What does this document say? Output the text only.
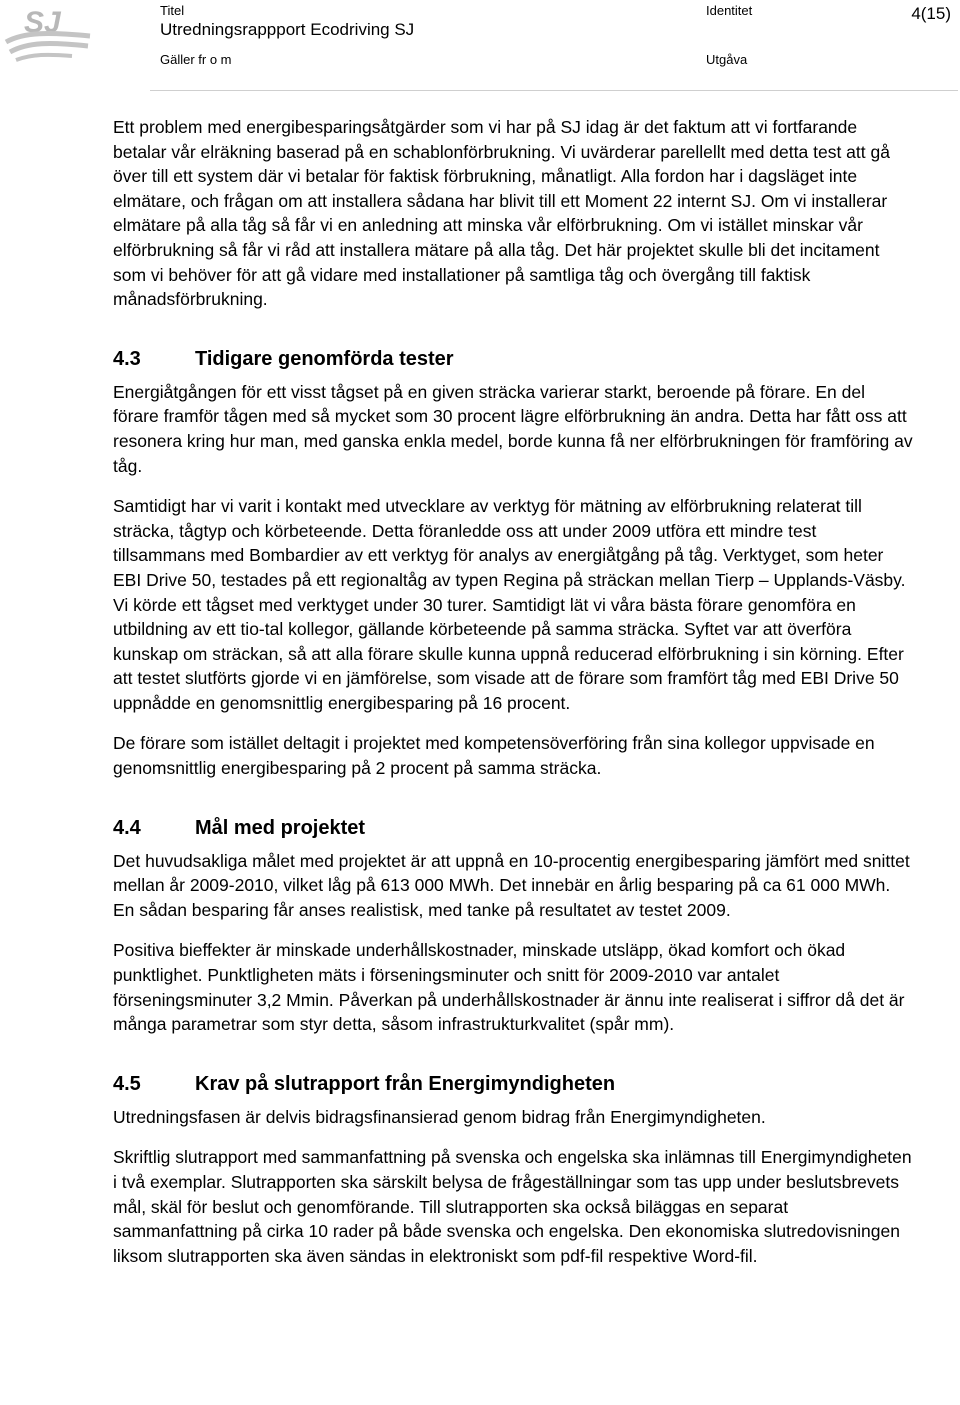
SJ	Titel
Utredningsrappport Ecodriving SJ
Gäller fr o m
Identitet
Utgåva
4(15)

Ett problem med energibesparingsåtgärder som vi har på SJ idag är det faktum att vi fortfarande betalar vår elräkning baserad på en schablonförbrukning. Vi uvärderar parellellt med detta test att gå över till ett system där vi betalar för faktisk förbrukning, månatligt. Alla fordon har i dagsläget inte elmätare, och frågan om att installera sådana har blivit till ett Moment 22 internt SJ. Om vi installerar elmätare på alla tåg så får vi en anledning att minska vår elförbrukning. Om vi istället minskar vår elförbrukning så får vi råd att installera mätare på alla tåg. Det här projektet skulle bli det incitament som vi behöver för att gå vidare med installationer på samtliga tåg och övergång till faktisk månadsförbrukning.

4.3	Tidigare genomförda tester

Energiåtgången för ett visst tågset på en given sträcka varierar starkt, beroende på förare. En del förare framför tågen med så mycket som 30 procent lägre elförbrukning än andra. Detta har fått oss att resonera kring hur man, med ganska enkla medel, borde kunna få ner elförbrukningen för framföring av tåg.

Samtidigt har vi varit i kontakt med utvecklare av verktyg för mätning av elförbrukning relaterat till sträcka, tågtyp och körbeteende. Detta föranledde oss att under 2009 utföra ett mindre test tillsammans med Bombardier av ett verktyg för analys av energiåtgång på tåg. Verktyget, som heter EBI Drive 50, testades på ett regionaltåg av typen Regina på sträckan mellan Tierp – Upplands-Väsby. Vi körde ett tågset med verktyget under 30 turer. Samtidigt lät vi våra bästa förare genomföra en utbildning av ett tio-tal kollegor, gällande körbeteende på samma sträcka. Syftet var att överföra kunskap om sträckan, så att alla förare skulle kunna uppnå reducerad elförbrukning i sin körning. Efter att testet slutförts gjorde vi en jämförelse, som visade att de förare som framfört tåg med EBI Drive 50 uppnådde en genomsnittlig energibesparing på 16 procent.

De förare som istället deltagit i projektet med kompetensöverföring från sina kollegor uppvisade en genomsnittlig energibesparing på 2 procent på samma sträcka.

4.4	Mål med projektet

Det huvudsakliga målet med projektet är att uppnå en 10-procentig energibesparing jämfört med snittet mellan år 2009-2010, vilket låg på 613 000 MWh. Det innebär en årlig besparing på ca 61 000 MWh. En sådan besparing får anses realistisk, med tanke på resultatet av testet 2009.

Positiva bieffekter är minskade underhållskostnader, minskade utsläpp, ökad komfort och ökad punktlighet. Punktligheten mäts i förseningsminuter och snitt för 2009-2010 var antalet förseningsminuter 3,2 Mmin. Påverkan på underhållskostnader är ännu inte realiserat i siffror då det är många parametrar som styr detta, såsom infrastrukturkvalitet (spår mm).

4.5	Krav på slutrapport från Energimyndigheten

Utredningsfasen är delvis bidragsfinansierad genom bidrag från Energimyndigheten.

Skriftlig slutrapport med sammanfattning på svenska och engelska ska inlämnas till Energimyndigheten i två exemplar. Slutrapporten ska särskilt belysa de frågeställningar som tas upp under beslutsbrevets mål, skäl för beslut och genomförande. Till slutrapporten ska också biläggas en separat sammanfattning på cirka 10 rader på både svenska och engelska. Den ekonomiska slutredovisningen liksom slutrapporten ska även sändas in elektroniskt som pdf-fil respektive Word-fil.
